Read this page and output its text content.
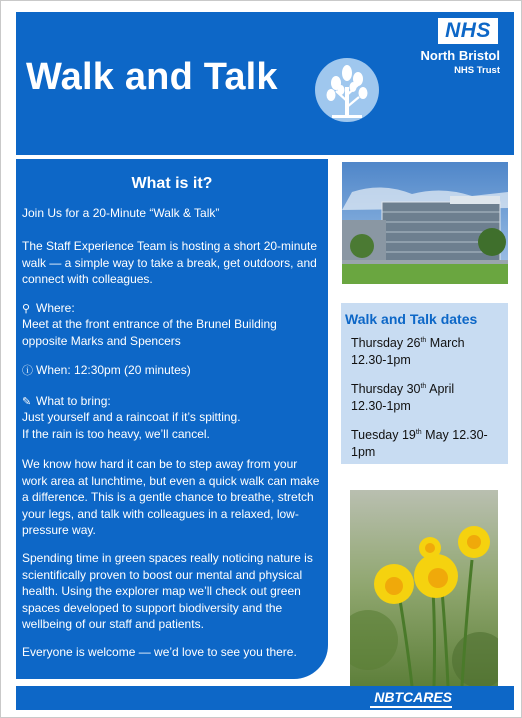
Walk and Talk
NHS
North Bristol
NHS Trust
What is it?

Join Us for a 20-Minute “Walk & Talk”

The Staff Experience Team is hosting a short 20-minute walk — a simple way to take a break, get outdoors, and connect with colleagues.

⚲ Where:

Meet at the front entrance of the Brunel Building opposite Marks and Spencers

ⓘ When: 12:30pm (20 minutes)

✎ What to bring:

Just yourself and a raincoat if it’s spitting.

If the rain is too heavy, we’ll cancel.

We know how hard it can be to step away from your work area at lunchtime, but even a quick walk can make a difference. This is a gentle chance to breathe, stretch your legs, and talk with colleagues in a relaxed, low-pressure way.

Spending time in green spaces really noticing nature is scientifically proven to boost our mental and physical health. Using the explorer map we’ll check out green spaces developed to support biodiversity and the wellbeing of our staff and patients.

Everyone is welcome — we’d love to see you there.

Walk and Talk dates
Thursday 26th March
12.30-1pm
Thursday 30th April
12.30-1pm
Tuesday 19th May 12.30-
1pm
NBTCARES
